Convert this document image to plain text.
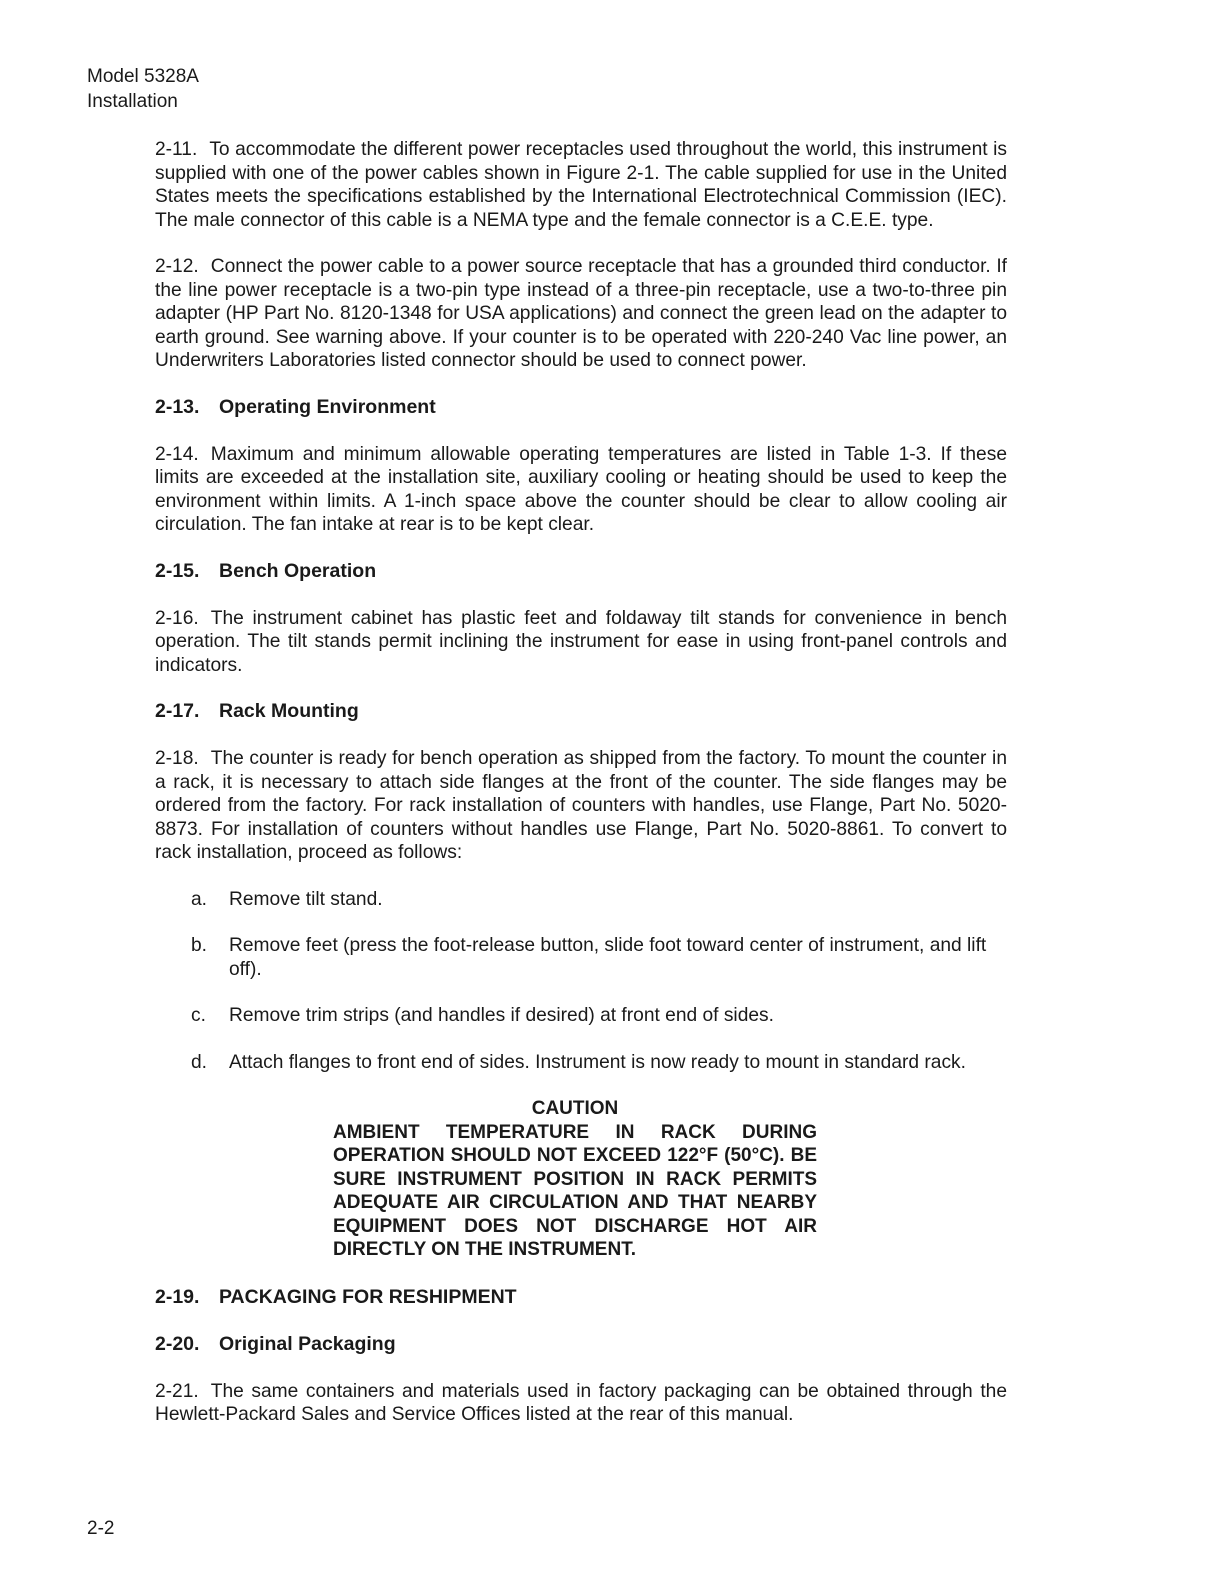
Model 5328A
Installation

2-11. To accommodate the different power receptacles used throughout the world, this instrument is supplied with one of the power cables shown in Figure 2-1. The cable supplied for use in the United States meets the specifications established by the International Electrotechnical Commission (IEC). The male connector of this cable is a NEMA type and the female connector is a C.E.E. type.

2-12. Connect the power cable to a power source receptacle that has a grounded third conductor. If the line power receptacle is a two-pin type instead of a three-pin receptacle, use a two-to-three pin adapter (HP Part No. 8120-1348 for USA applications) and connect the green lead on the adapter to earth ground. See warning above. If your counter is to be operated with 220-240 Vac line power, an Underwriters Laboratories listed connector should be used to connect power.

2-13. Operating Environment

2-14. Maximum and minimum allowable operating temperatures are listed in Table 1-3. If these limits are exceeded at the installation site, auxiliary cooling or heating should be used to keep the environment within limits. A 1-inch space above the counter should be clear to allow cooling air circulation. The fan intake at rear is to be kept clear.

2-15. Bench Operation

2-16. The instrument cabinet has plastic feet and foldaway tilt stands for convenience in bench operation. The tilt stands permit inclining the instrument for ease in using front-panel controls and indicators.

2-17. Rack Mounting

2-18. The counter is ready for bench operation as shipped from the factory. To mount the counter in a rack, it is necessary to attach side flanges at the front of the counter. The side flanges may be ordered from the factory. For rack installation of counters with handles, use Flange, Part No. 5020-8873. For installation of counters without handles use Flange, Part No. 5020-8861. To convert to rack installation, proceed as follows:

a.	Remove tilt stand.
b.	Remove feet (press the foot-release button, slide foot toward center of instrument, and lift off).
c.	Remove trim strips (and handles if desired) at front end of sides.
d.	Attach flanges to front end of sides. Instrument is now ready to mount in standard rack.
CAUTION
AMBIENT TEMPERATURE IN RACK DURING OPERATION SHOULD NOT EXCEED 122°F (50°C). BE SURE INSTRUMENT POSITION IN RACK PERMITS ADEQUATE AIR CIRCULATION AND THAT NEARBY EQUIPMENT DOES NOT DISCHARGE HOT AIR DIRECTLY ON THE INSTRUMENT.
2-19. PACKAGING FOR RESHIPMENT
2-20. Original Packaging

2-21. The same containers and materials used in factory packaging can be obtained through the Hewlett-Packard Sales and Service Offices listed at the rear of this manual.

2-2
